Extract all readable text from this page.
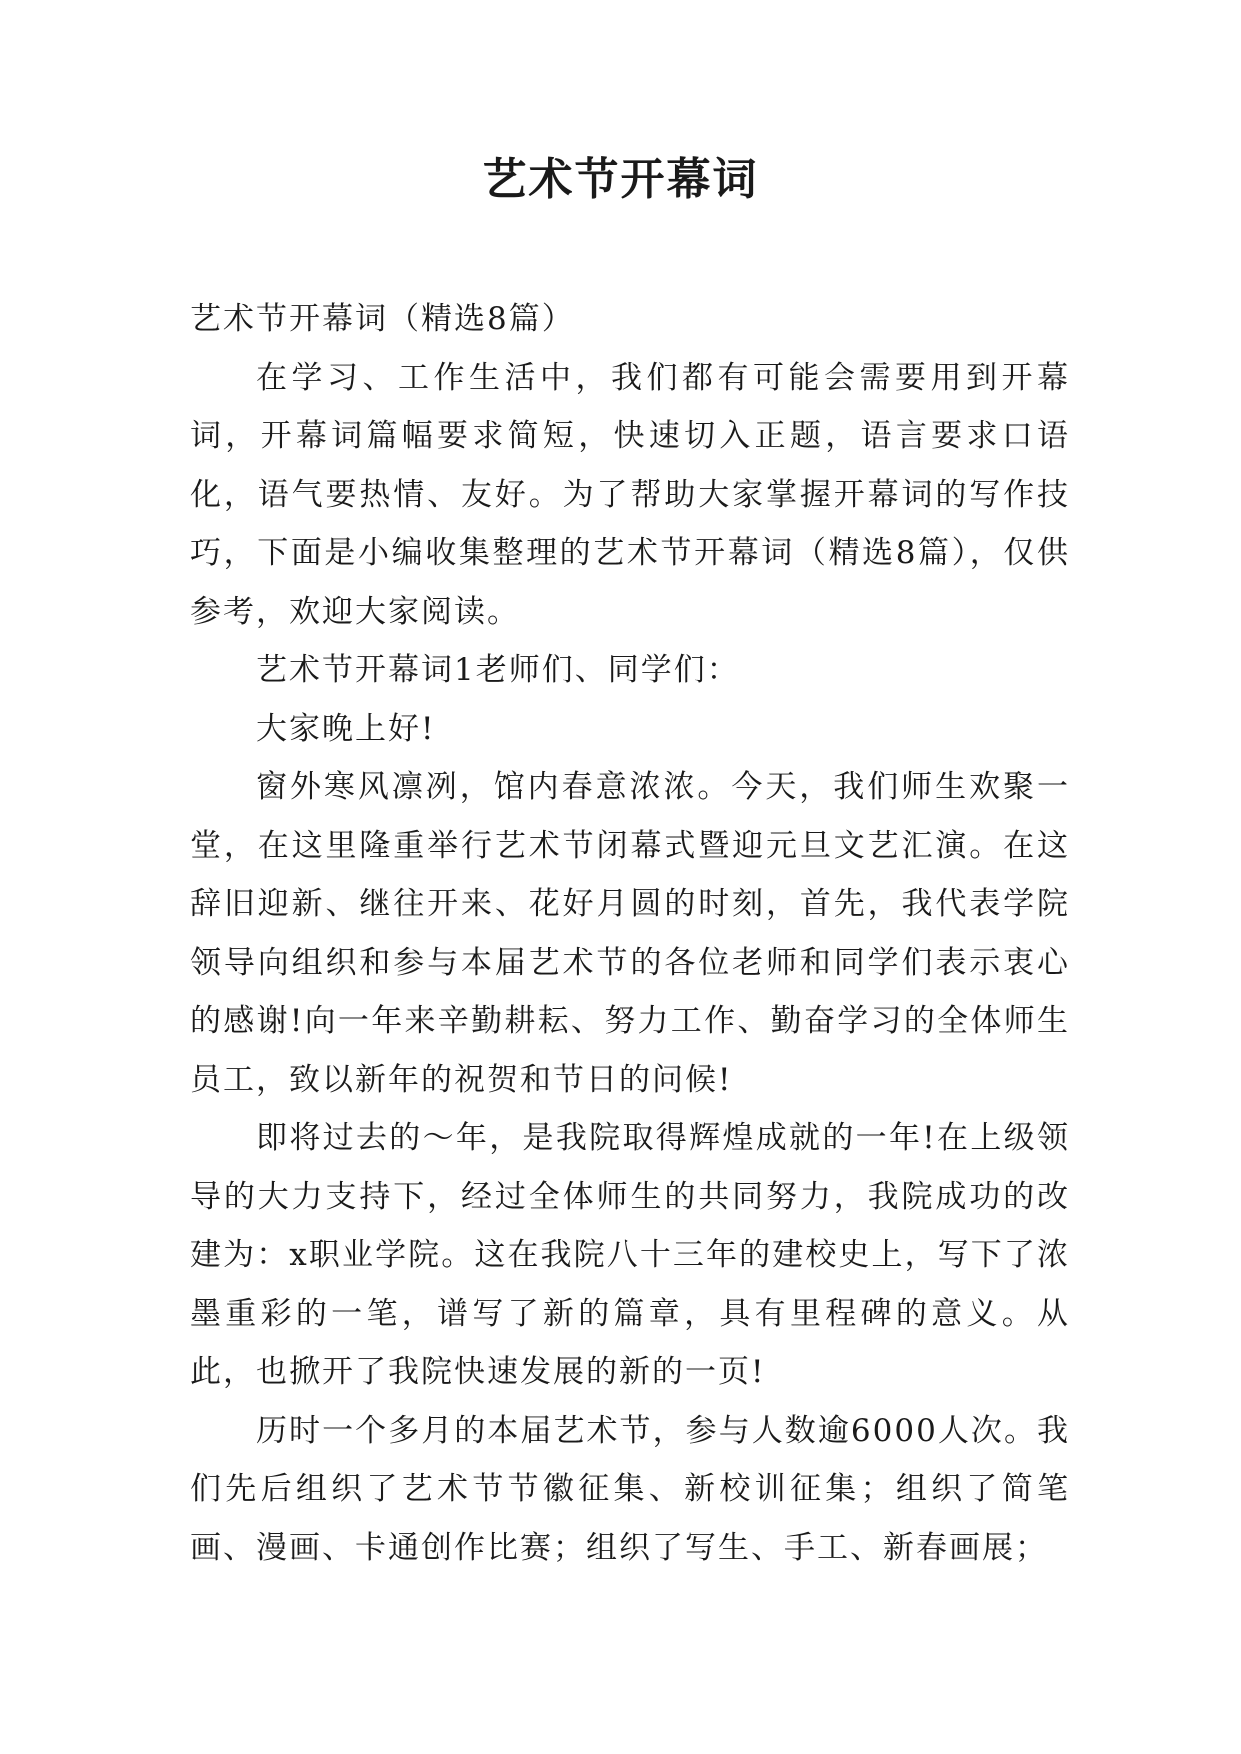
艺术节开幕词

艺术节开幕词（精选8篇）

在学习、工作生活中，我们都有可能会需要用到开幕词，开幕词篇幅要求简短，快速切入正题，语言要求口语化，语气要热情、友好。为了帮助大家掌握开幕词的写作技巧，下面是小编收集整理的艺术节开幕词（精选8篇），仅供参考，欢迎大家阅读。

艺术节开幕词1老师们、同学们：

大家晚上好!

窗外寒风凛冽，馆内春意浓浓。今天，我们师生欢聚一堂，在这里隆重举行艺术节闭幕式暨迎元旦文艺汇演。在这辞旧迎新、继往开来、花好月圆的时刻，首先，我代表学院领导向组织和参与本届艺术节的各位老师和同学们表示衷心的感谢!向一年来辛勤耕耘、努力工作、勤奋学习的全体师生员工，致以新年的祝贺和节日的问候!

即将过去的～年，是我院取得辉煌成就的一年!在上级领导的大力支持下，经过全体师生的共同努力，我院成功的改建为：x职业学院。这在我院八十三年的建校史上，写下了浓墨重彩的一笔，谱写了新的篇章，具有里程碑的意义。从此，也掀开了我院快速发展的新的一页!

历时一个多月的本届艺术节，参与人数逾6000人次。我们先后组织了艺术节节徽征集、新校训征集；组织了简笔画、漫画、卡通创作比赛；组织了写生、手工、新春画展；
